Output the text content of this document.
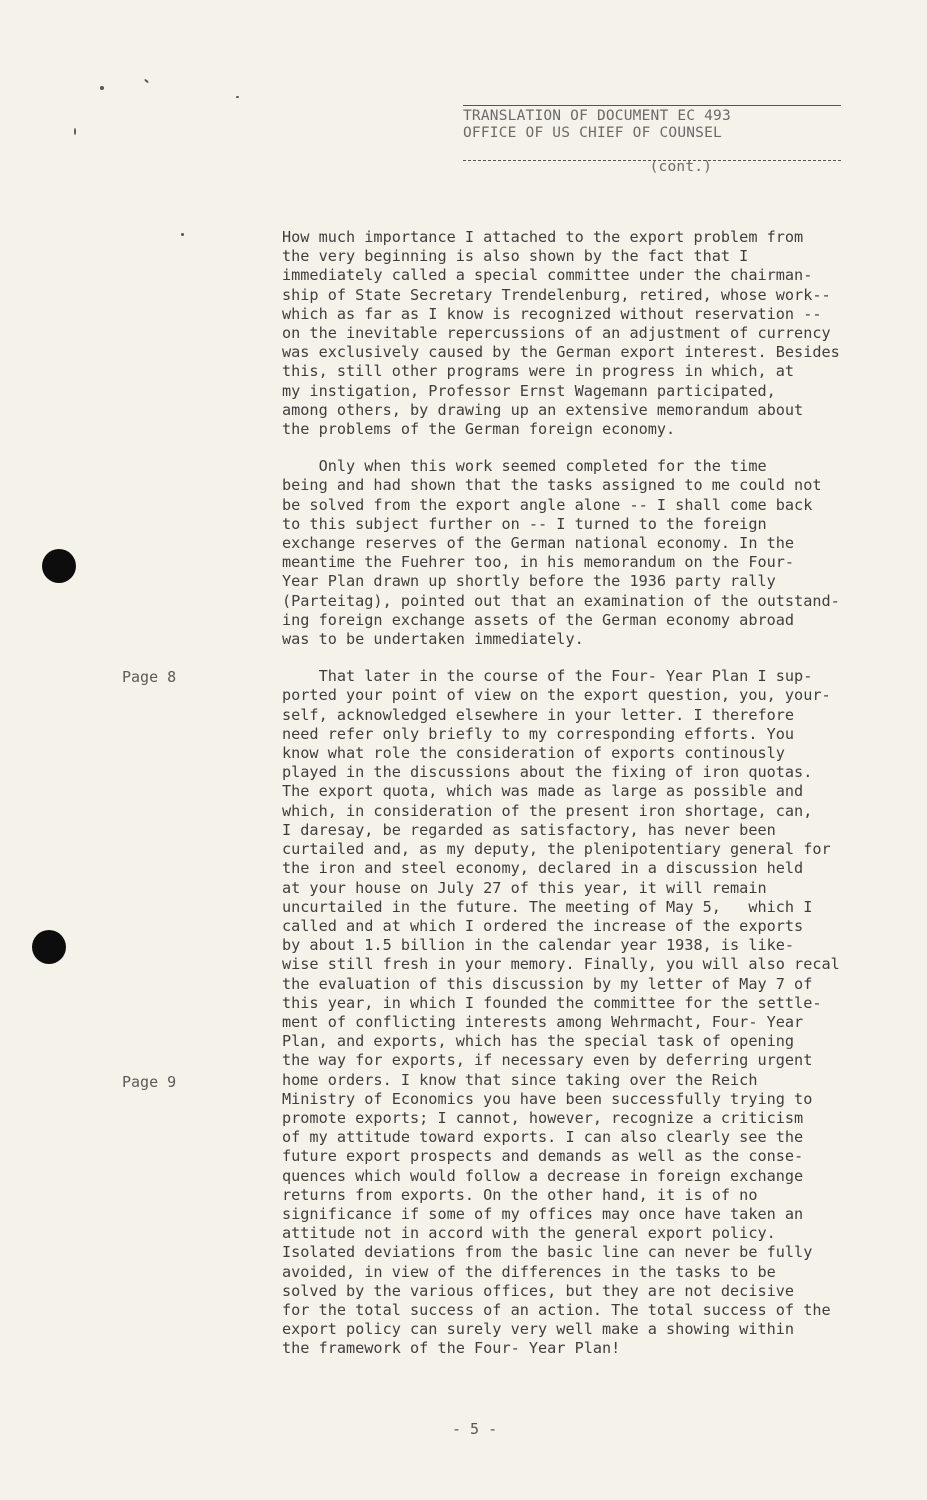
TRANSLATION OF DOCUMENT EC 493
OFFICE OF US CHIEF OF COUNSEL

(cont.)

Page 8
Page 9
How much importance I attached to the export problem from
the very beginning is also shown by the fact that I
immediately called a special committee under the chairman-
ship of State Secretary Trendelenburg, retired, whose work--
which as far as I know is recognized without reservation --
on the inevitable repercussions of an adjustment of currency
was exclusively caused by the German export interest. Besides
this, still other programs were in progress in which, at
my instigation, Professor Ernst Wagemann participated,
among others, by drawing up an extensive memorandum about
the problems of the German foreign economy.
Only when this work seemed completed for the time
being and had shown that the tasks assigned to me could not
be solved from the export angle alone -- I shall come back
to this subject further on -- I turned to the foreign
exchange reserves of the German national economy. In the
meantime the Fuehrer too, in his memorandum on the Four-
Year Plan drawn up shortly before the 1936 party rally
(Parteitag), pointed out that an examination of the outstand-
ing foreign exchange assets of the German economy abroad
was to be undertaken immediately.
That later in the course of the Four- Year Plan I sup-
ported your point of view on the export question, you, your-
self, acknowledged elsewhere in your letter. I therefore
need refer only briefly to my corresponding efforts. You
know what role the consideration of exports continously
played in the discussions about the fixing of iron quotas.
The export quota, which was made as large as possible and
which, in consideration of the present iron shortage, can,
I daresay, be regarded as satisfactory, has never been
curtailed and, as my deputy, the plenipotentiary general for
the iron and steel economy, declared in a discussion held
at your house on July 27 of this year, it will remain
uncurtailed in the future. The meeting of May 5,   which I
called and at which I ordered the increase of the exports
by about 1.5 billion in the calendar year 1938, is like-
wise still fresh in your memory. Finally, you will also recal
the evaluation of this discussion by my letter of May 7 of
this year, in which I founded the committee for the settle-
ment of conflicting interests among Wehrmacht, Four- Year
Plan, and exports, which has the special task of opening
the way for exports, if necessary even by deferring urgent
home orders. I know that since taking over the Reich
Ministry of Economics you have been successfully trying to
promote exports; I cannot, however, recognize a criticism
of my attitude toward exports. I can also clearly see the
future export prospects and demands as well as the conse-
quences which would follow a decrease in foreign exchange
returns from exports. On the other hand, it is of no
significance if some of my offices may once have taken an
attitude not in accord with the general export policy.
Isolated deviations from the basic line can never be fully
avoided, in view of the differences in the tasks to be
solved by the various offices, but they are not decisive
for the total success of an action. The total success of the
export policy can surely very well make a showing within
the framework of the Four- Year Plan!
- 5 -
